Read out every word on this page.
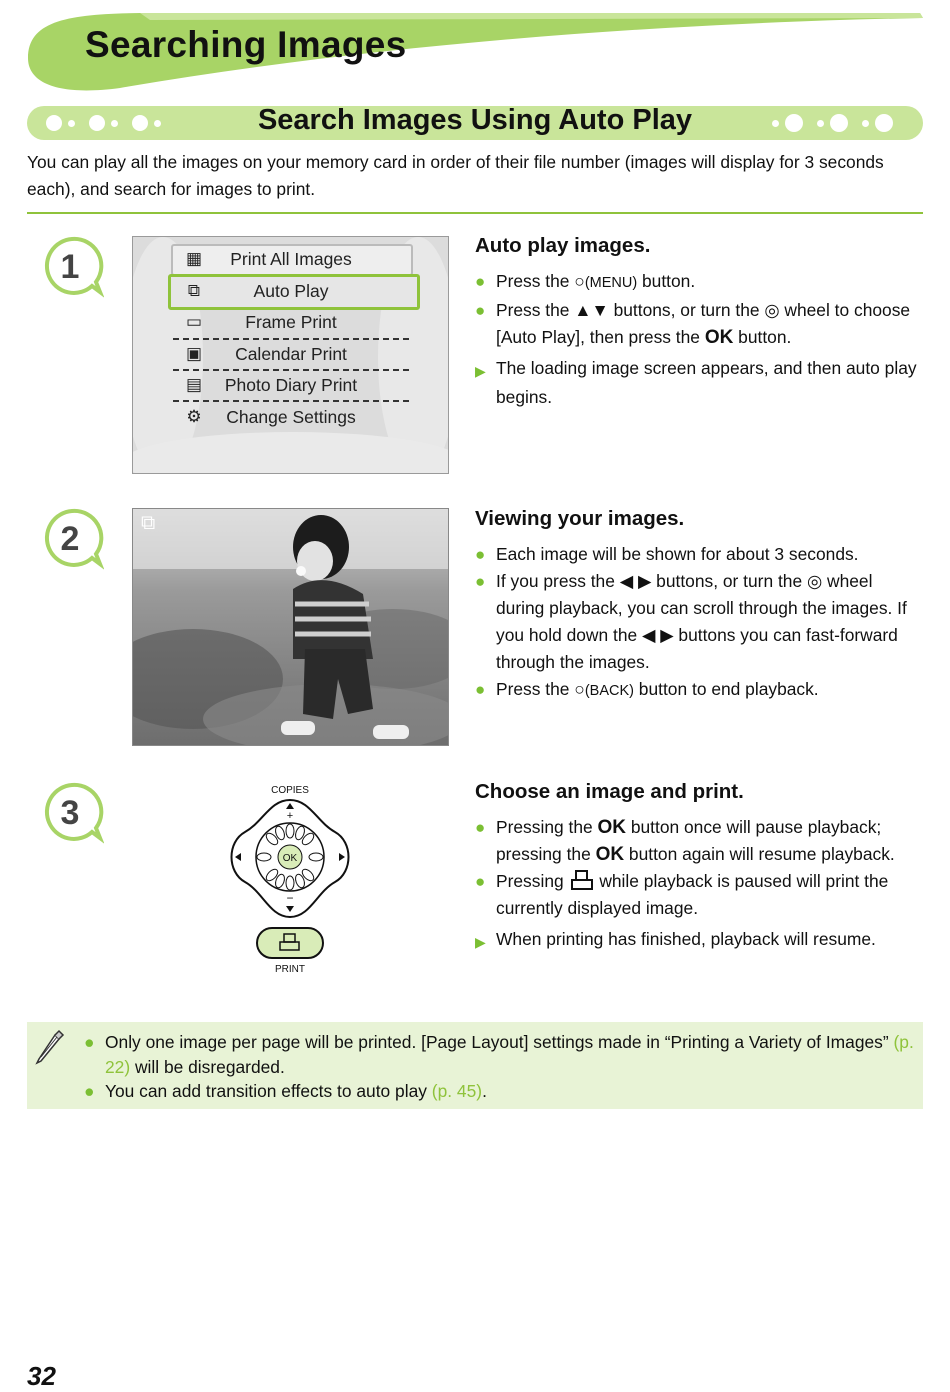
Searching Images
Search Images Using Auto Play
You can play all the images on your memory card in order of their file number (images will display for 3 seconds each), and search for images to print.
1
2
3
▦	Print All Images
⧉	Auto Play
▭	Frame Print
▣	Calendar Print
▤	Photo Diary Print
⚙	Change Settings
Auto play images.
● Press the ○(MENU) button.
● Press the ▲▼ buttons, or turn the ◎ wheel to choose [Auto Play], then press the OK button.
▶ The loading image screen appears, and then auto play begins.
⧉	Viewing your images.
● Each image will be shown for about 3 seconds.
● If you press the ◀ ▶ buttons, or turn the ◎ wheel during playback, you can scroll through the images. If you hold down the ◀ ▶ buttons you can fast-forward through the images.
● Press the ○(BACK) button to end playback.
COPIES
OK
+
−
PRINT
Choose an image and print.
● Pressing the OK button once will pause playback; pressing the OK button again will resume playback.
● Pressing  while playback is paused will print the currently displayed image.
▶ When printing has finished, playback will resume.
● Only one image per page will be printed. [Page Layout] settings made in “Printing a Variety of Images” (p. 22) will be disregarded.
● You can add transition effects to auto play (p. 45).
32
